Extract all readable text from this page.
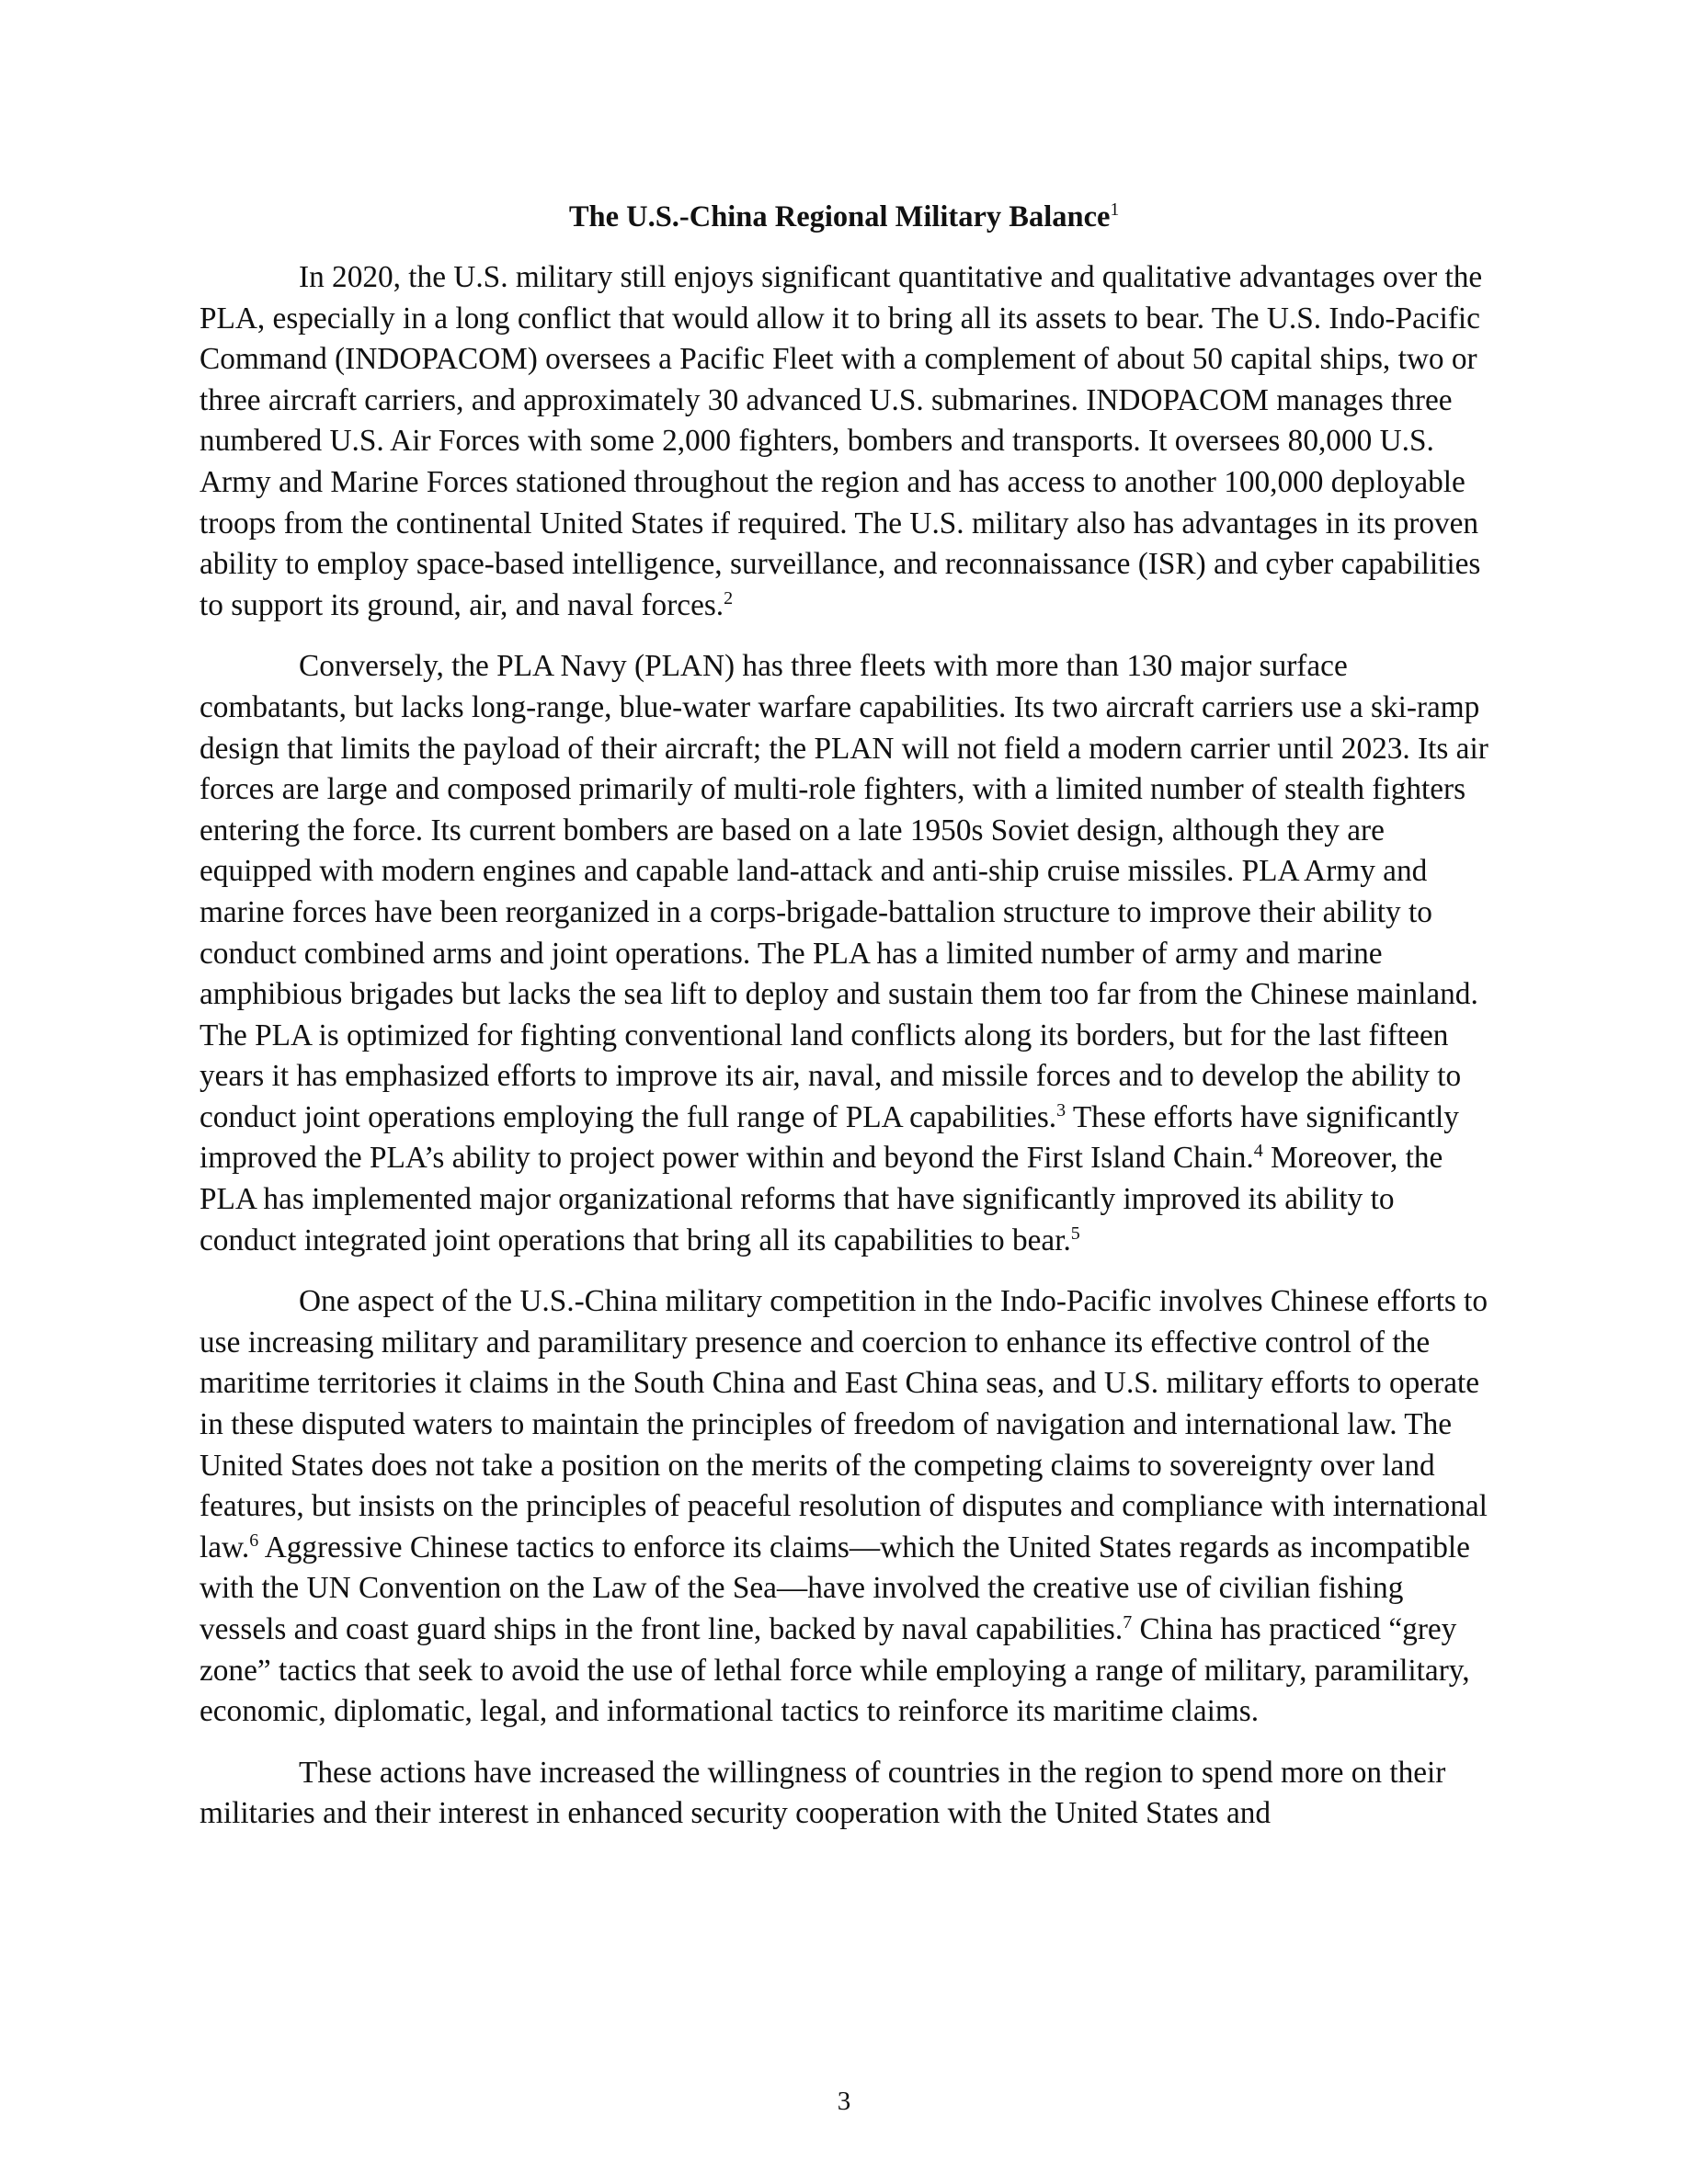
The U.S.-China Regional Military Balance$^1$

In 2020, the U.S. military still enjoys significant quantitative and qualitative advantages over the PLA, especially in a long conflict that would allow it to bring all its assets to bear. The U.S. Indo-Pacific Command (INDOPACOM) oversees a Pacific Fleet with a complement of about 50 capital ships, two or three aircraft carriers, and approximately 30 advanced U.S. submarines. INDOPACOM manages three numbered U.S. Air Forces with some 2,000 fighters, bombers and transports. It oversees 80,000 U.S. Army and Marine Forces stationed throughout the region and has access to another 100,000 deployable troops from the continental United States if required. The U.S. military also has advantages in its proven ability to employ space-based intelligence, surveillance, and reconnaissance (ISR) and cyber capabilities to support its ground, air, and naval forces.$^2$

Conversely, the PLA Navy (PLAN) has three fleets with more than 130 major surface combatants, but lacks long-range, blue-water warfare capabilities. Its two aircraft carriers use a ski-ramp design that limits the payload of their aircraft; the PLAN will not field a modern carrier until 2023. Its air forces are large and composed primarily of multi-role fighters, with a limited number of stealth fighters entering the force. Its current bombers are based on a late 1950s Soviet design, although they are equipped with modern engines and capable land-attack and anti-ship cruise missiles. PLA Army and marine forces have been reorganized in a corps-brigade-battalion structure to improve their ability to conduct combined arms and joint operations. The PLA has a limited number of army and marine amphibious brigades but lacks the sea lift to deploy and sustain them too far from the Chinese mainland. The PLA is optimized for fighting conventional land conflicts along its borders, but for the last fifteen years it has emphasized efforts to improve its air, naval, and missile forces and to develop the ability to conduct joint operations employing the full range of PLA capabilities.$^3$ These efforts have significantly improved the PLA’s ability to project power within and beyond the First Island Chain.$^4$ Moreover, the PLA has implemented major organizational reforms that have significantly improved its ability to conduct integrated joint operations that bring all its capabilities to bear.$^5$

One aspect of the U.S.-China military competition in the Indo-Pacific involves Chinese efforts to use increasing military and paramilitary presence and coercion to enhance its effective control of the maritime territories it claims in the South China and East China seas, and U.S. military efforts to operate in these disputed waters to maintain the principles of freedom of navigation and international law. The United States does not take a position on the merits of the competing claims to sovereignty over land features, but insists on the principles of peaceful resolution of disputes and compliance with international law.$^6$ Aggressive Chinese tactics to enforce its claims—which the United States regards as incompatible with the UN Convention on the Law of the Sea—have involved the creative use of civilian fishing vessels and coast guard ships in the front line, backed by naval capabilities.$^7$ China has practiced “grey zone” tactics that seek to avoid the use of lethal force while employing a range of military, paramilitary, economic, diplomatic, legal, and informational tactics to reinforce its maritime claims.

These actions have increased the willingness of countries in the region to spend more on their militaries and their interest in enhanced security cooperation with the United States and

3
